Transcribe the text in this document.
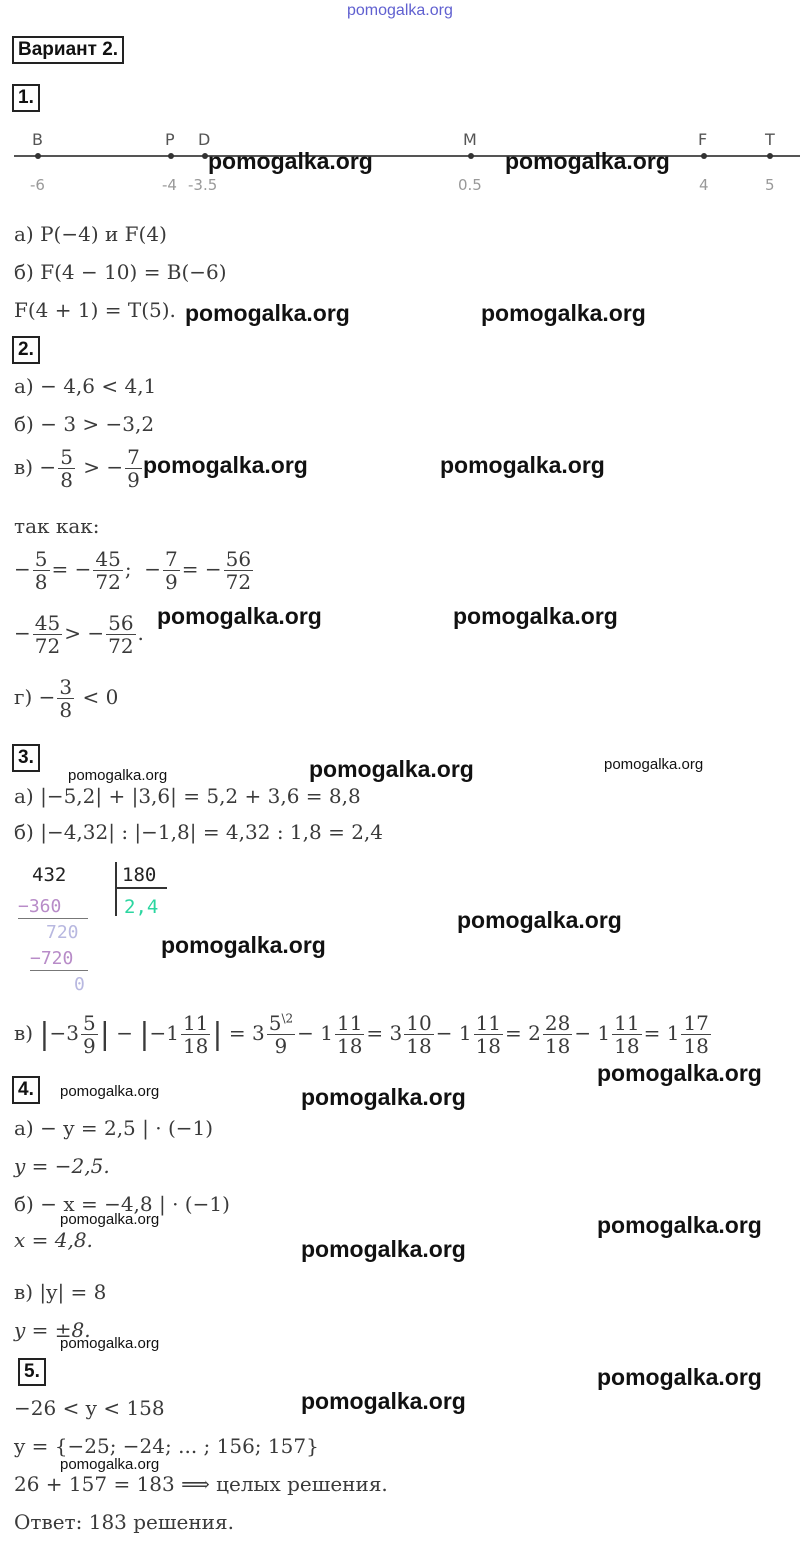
pomogalka.org
Вариант 2.
1.
B
-6
P
-4
D
-3.5
M
0.5
F
4
T
5
pomogalka.org	pomogalka.org
а) P(−4) и F(4)
б) F(4 − 10) = B(−6)
F(4 + 1) = T(5). pomogalka.org	pomogalka.org
2.
а) − 4,6 < 4,1
б) − 3 > −3,2
$в) - \frac{5}{8}$ > − $\frac{7}{9}$ pomogalka.org	pomogalka.org
так как:
− $\frac{5}{8}$ = − $\frac{45}{72}$ ;  − $\frac{7}{9}$ = − $\frac{56}{72}$
− $\frac{45}{72}$ > − $\frac{56}{72}$ .
pomogalka.org	pomogalka.org
$г) - \frac{3}{8} < 0$
3.
pomogalka.org	pomogalka.org	pomogalka.org
а) |−5,2| + |3,6| = 5,2 + 3,6 = 8,8
б) |−4,32| : |−1,8| = 4,32 : 1,8 = 2,4
432	180
2,4
−360
720
−720
0
pomogalka.org
pomogalka.org
в) $|-3 \frac{5}{9}$ | − $|-1 \frac{11}{18}$ | = $3 \frac{5^{\backslash 2}}{9} - 1 \frac{11}{18} = 3 \frac{10}{18} - 1 \frac{11}{18} = 2 \frac{28}{18} - 1 \frac{11}{18} = 1 \frac{17}{18}$
pomogalka.org
4.	pomogalka.org	pomogalka.org
а) − y = 2,5 | · (−1)
y = −2,5.
б) − x = −4,8 | · (−1)
pomogalka.org
x = 4,8.
pomogalka.org
pomogalka.org
в) |y| = 8
y = ±8.
pomogalka.org
5.	pomogalka.org
pomogalka.org
−26 < y < 158
y = {−25; −24; ... ; 156; 157}
pomogalka.org
26 + 157 = 183 ⟹ целых решения.
Ответ: 183 решения.
